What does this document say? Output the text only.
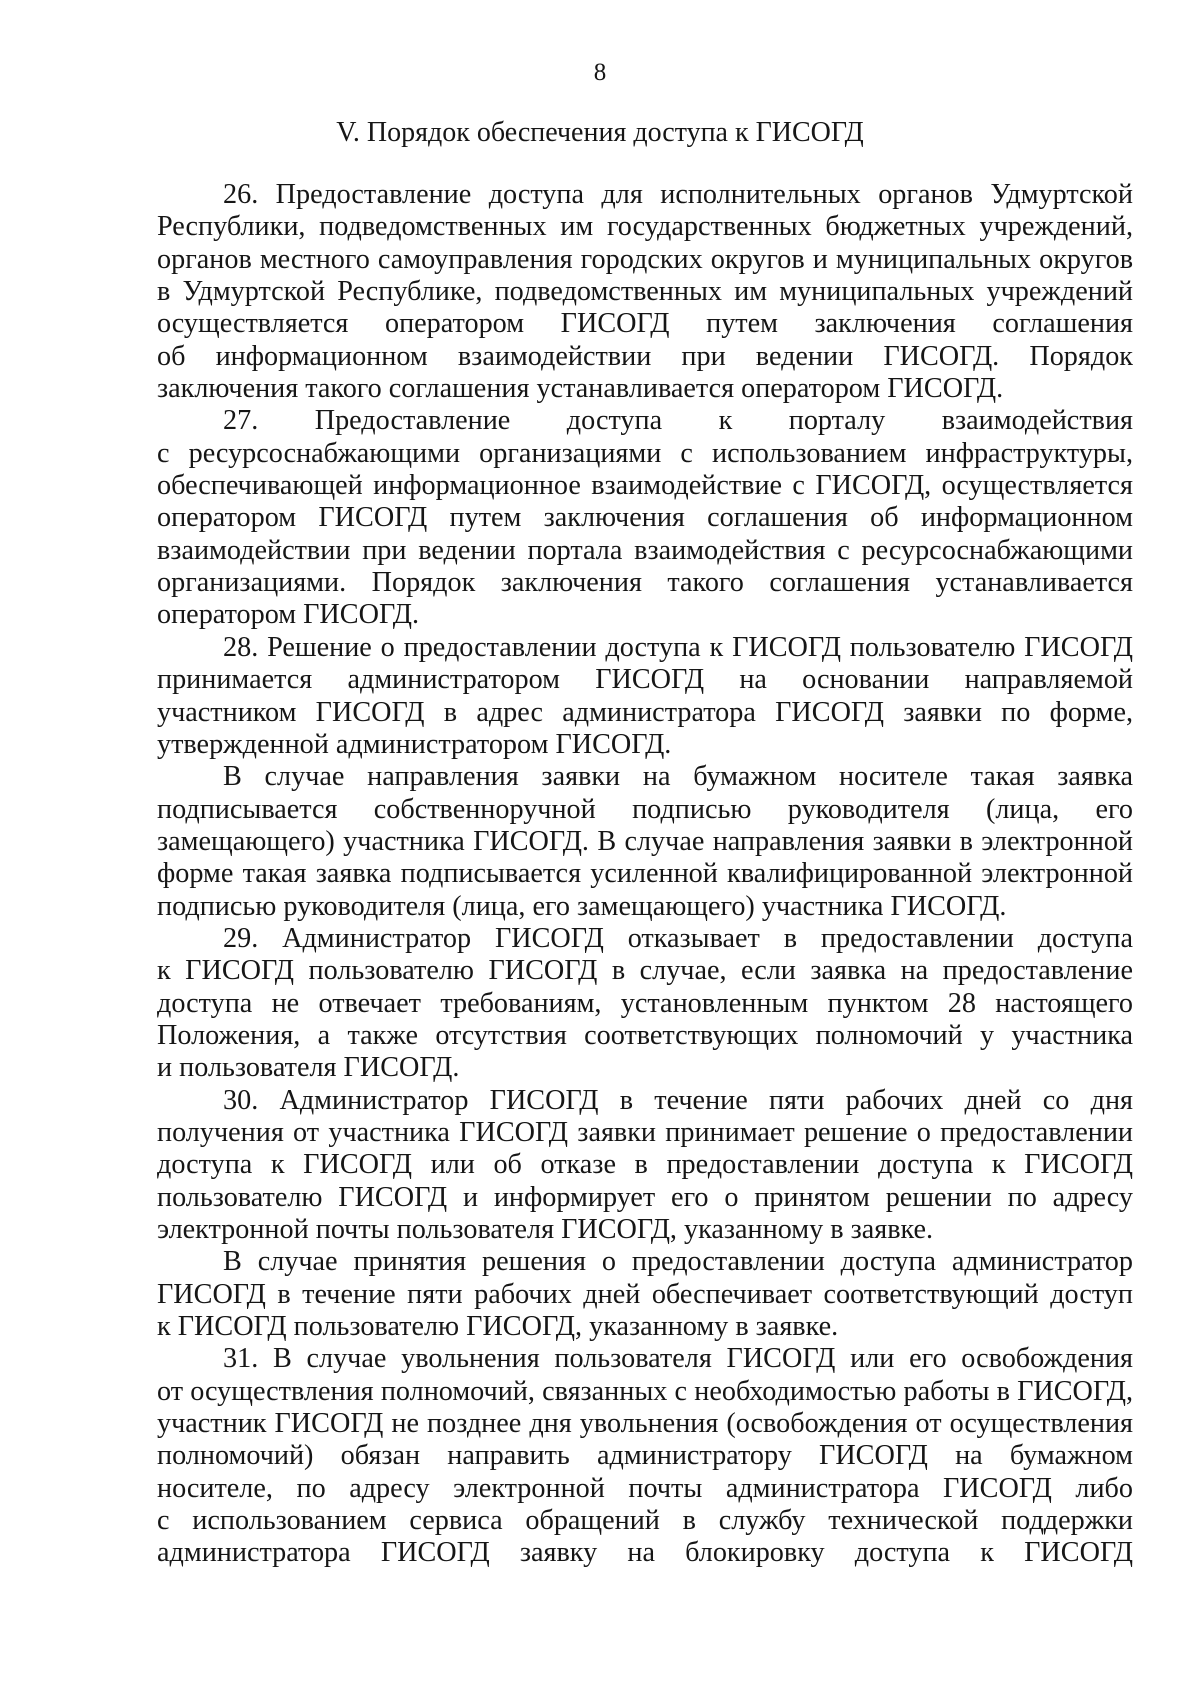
8
V. Порядок обеспечения доступа к ГИСОГД
26. Предоставление доступа для исполнительных органов Удмуртской
Республики, подведомственных им государственных бюджетных учреждений,
органов местного самоуправления городских округов и муниципальных округов
в Удмуртской Республике, подведомственных им муниципальных учреждений
осуществляется оператором ГИСОГД путем заключения соглашения
об информационном взаимодействии при ведении ГИСОГД. Порядок
заключения такого соглашения устанавливается оператором ГИСОГД.
27. Предоставление доступа к порталу взаимодействия
с ресурсоснабжающими организациями с использованием инфраструктуры,
обеспечивающей информационное взаимодействие с ГИСОГД, осуществляется
оператором ГИСОГД путем заключения соглашения об информационном
взаимодействии при ведении портала взаимодействия с ресурсоснабжающими
организациями. Порядок заключения такого соглашения устанавливается
оператором ГИСОГД.
28. Решение о предоставлении доступа к ГИСОГД пользователю ГИСОГД
принимается администратором ГИСОГД на основании направляемой
участником ГИСОГД в адрес администратора ГИСОГД заявки по форме,
утвержденной администратором ГИСОГД.
В случае направления заявки на бумажном носителе такая заявка
подписывается собственноручной подписью руководителя (лица, его
замещающего) участника ГИСОГД. В случае направления заявки в электронной
форме такая заявка подписывается усиленной квалифицированной электронной
подписью руководителя (лица, его замещающего) участника ГИСОГД.
29. Администратор ГИСОГД отказывает в предоставлении доступа
к ГИСОГД пользователю ГИСОГД в случае, если заявка на предоставление
доступа не отвечает требованиям, установленным пунктом 28 настоящего
Положения, а также отсутствия соответствующих полномочий у участника
и пользователя ГИСОГД.
30. Администратор ГИСОГД в течение пяти рабочих дней со дня
получения от участника ГИСОГД заявки принимает решение о предоставлении
доступа к ГИСОГД или об отказе в предоставлении доступа к ГИСОГД
пользователю ГИСОГД и информирует его о принятом решении по адресу
электронной почты пользователя ГИСОГД, указанному в заявке.
В случае принятия решения о предоставлении доступа администратор
ГИСОГД в течение пяти рабочих дней обеспечивает соответствующий доступ
к ГИСОГД пользователю ГИСОГД, указанному в заявке.
31. В случае увольнения пользователя ГИСОГД или его освобождения
от осуществления полномочий, связанных с необходимостью работы в ГИСОГД,
участник ГИСОГД не позднее дня увольнения (освобождения от осуществления
полномочий) обязан направить администратору ГИСОГД на бумажном
носителе, по адресу электронной почты администратора ГИСОГД либо
с использованием сервиса обращений в службу технической поддержки
администратора ГИСОГД заявку на блокировку доступа к ГИСОГД
